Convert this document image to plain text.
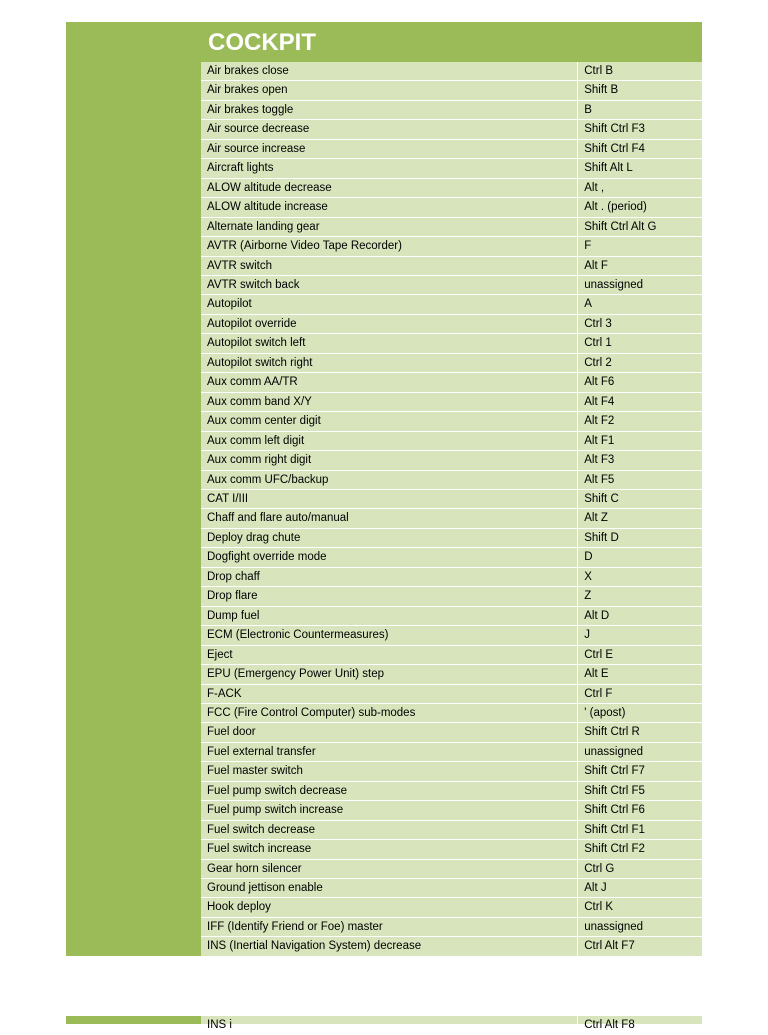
COCKPIT
Air brakes close	Ctrl B
Air brakes open	Shift B
Air brakes toggle	B
Air source decrease	Shift Ctrl F3
Air source increase	Shift Ctrl F4
Aircraft lights	Shift Alt L
ALOW altitude decrease	Alt ,
ALOW altitude increase	Alt . (period)
Alternate landing gear	Shift Ctrl Alt G
AVTR (Airborne Video Tape Recorder)	F
AVTR switch	Alt F
AVTR switch back	unassigned
Autopilot	A
Autopilot override	Ctrl 3
Autopilot switch left	Ctrl 1
Autopilot switch right	Ctrl 2
Aux comm AA/TR	Alt F6
Aux comm band X/Y	Alt F4
Aux comm center digit	Alt F2
Aux comm left digit	Alt F1
Aux comm right digit	Alt F3
Aux comm UFC/backup	Alt F5
CAT I/III	Shift C
Chaff and flare auto/manual	Alt Z
Deploy drag chute	Shift D
Dogfight override mode	D
Drop chaff	X
Drop flare	Z
Dump fuel	Alt D
ECM (Electronic Countermeasures)	J
Eject	Ctrl E
EPU (Emergency Power Unit) step	Alt E
F-ACK	Ctrl F
FCC (Fire Control Computer) sub-modes	' (apost)
Fuel door	Shift Ctrl R
Fuel external transfer	unassigned
Fuel master switch	Shift Ctrl F7
Fuel pump switch decrease	Shift Ctrl F5
Fuel pump switch increase	Shift Ctrl F6
Fuel switch decrease	Shift Ctrl F1
Fuel switch increase	Shift Ctrl F2
Gear horn silencer	Ctrl G
Ground jettison enable	Alt J
Hook deploy	Ctrl K
IFF (Identify Friend or Foe) master	unassigned
INS (Inertial Navigation System) decrease	Ctrl Alt F7
INS i	Ctrl Alt F8
